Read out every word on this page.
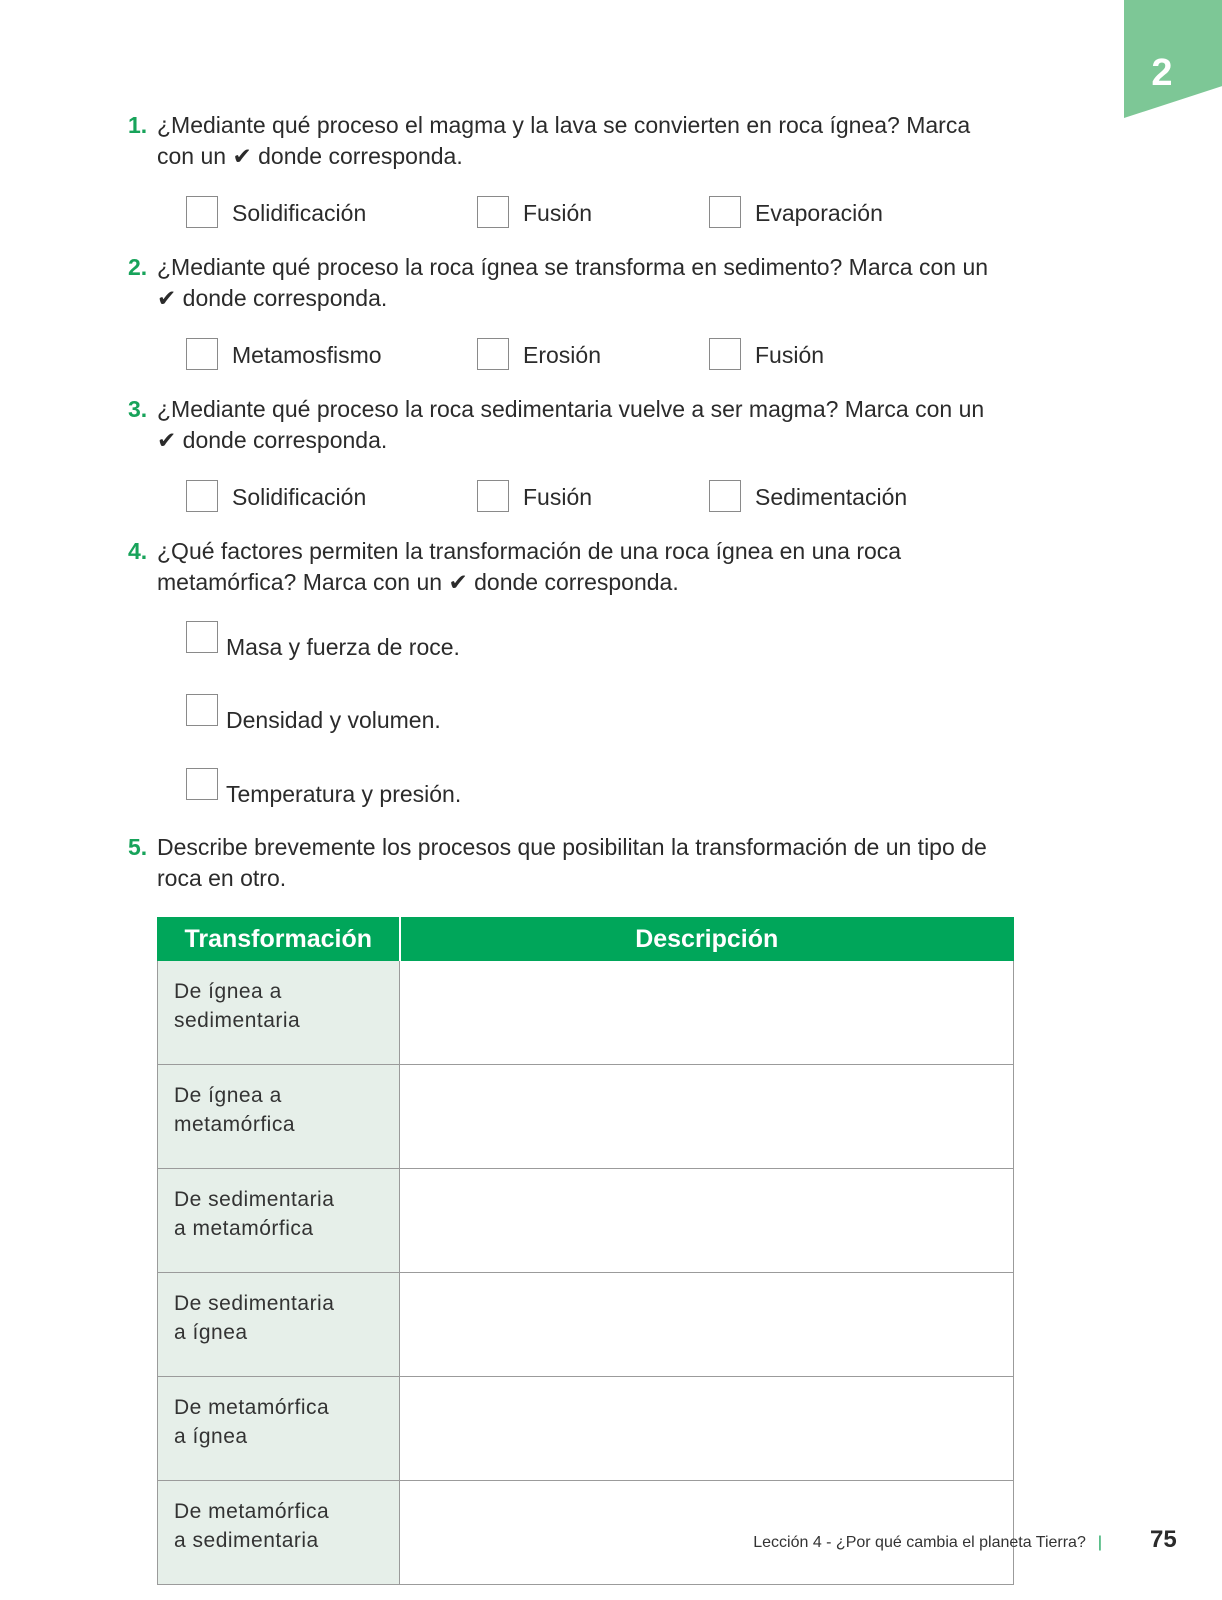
2
1. ¿Mediante qué proceso el magma y la lava se convierten en roca ígnea? Marca
con un ✔ donde corresponda.
Solidificación	Fusión	Evaporación
2. ¿Mediante qué proceso la roca ígnea se transforma en sedimento? Marca con un
✔ donde corresponda.
Metamosfismo	Erosión	Fusión
3. ¿Mediante qué proceso la roca sedimentaria vuelve a ser magma? Marca con un
✔ donde corresponda.
Solidificación	Fusión	Sedimentación
4. ¿Qué factores permiten la transformación de una roca ígnea en una roca
metamórfica? Marca con un ✔ donde corresponda.
Masa y fuerza de roce.
Densidad y volumen.
Temperatura y presión.
5. Describe brevemente los procesos que posibilitan la transformación de un tipo de
roca en otro.
Transformación	Descripción

De ígnea a
sedimentaria	

De ígnea a
metamórfica	

De sedimentaria
a metamórfica	

De sedimentaria
a ígnea	

De metamórfica
a ígnea	

De metamórfica
a sedimentaria	
		Lección 4 - ¿Por qué cambia el planeta Tierra? |	75
